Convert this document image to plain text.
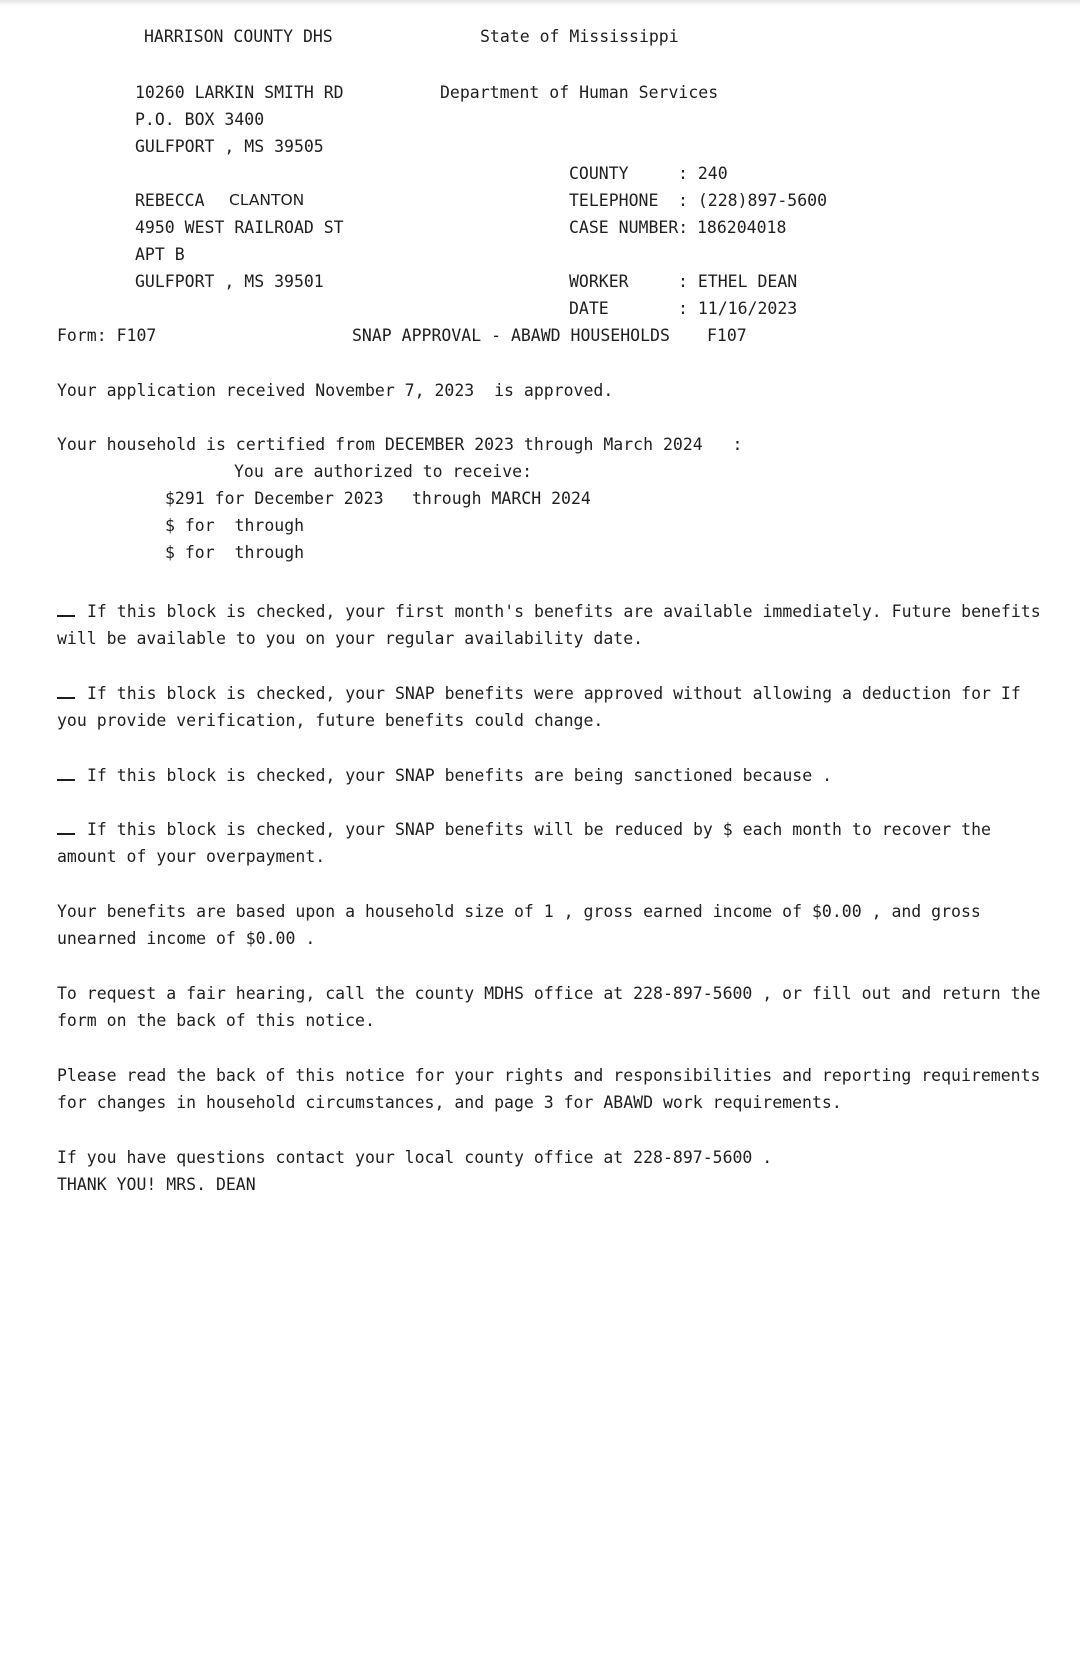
HARRISON COUNTY DHS	State of Mississippi
Department of Human Services
10260 LARKIN SMITH RD
P.O. BOX 3400
GULFPORT , MS 39505
COUNTY	: 240
TELEPHONE : (228)897-5600
CASE NUMBER: 186204018
REBECCA CLANTON
4950 WEST RAILROAD ST
APT B
GULFPORT , MS 39501	WORKER	: ETHEL DEAN
DATE	: 11/16/2023
Form: F107	SNAP APPROVAL - ABAWD HOUSEHOLDS F107
Your application received November 7, 2023  is approved.
Your household is certified from DECEMBER 2023 through March 2024   :
You are authorized to receive:
$291 for December 2023 through MARCH 2024
$ for  through
$ for  through
If this block is checked, your first month's benefits are available immediately. Future benefits will be available to you on your regular availability date.
If this block is checked, your SNAP benefits were approved without allowing a deduction for If you provide verification, future benefits could change.
If this block is checked, your SNAP benefits are being sanctioned because .
If this block is checked, your SNAP benefits will be reduced by $ each month to recover the amount of your overpayment.
Your benefits are based upon a household size of 1 , gross earned income of $0.00 , and gross unearned income of $0.00 .
To request a fair hearing, call the county MDHS office at 228-897-5600 , or fill out and return the form on the back of this notice.
Please read the back of this notice for your rights and responsibilities and reporting requirements for changes in household circumstances, and page 3 for ABAWD work requirements.
If you have questions contact your local county office at 228-897-5600 .
THANK YOU! MRS. DEAN
